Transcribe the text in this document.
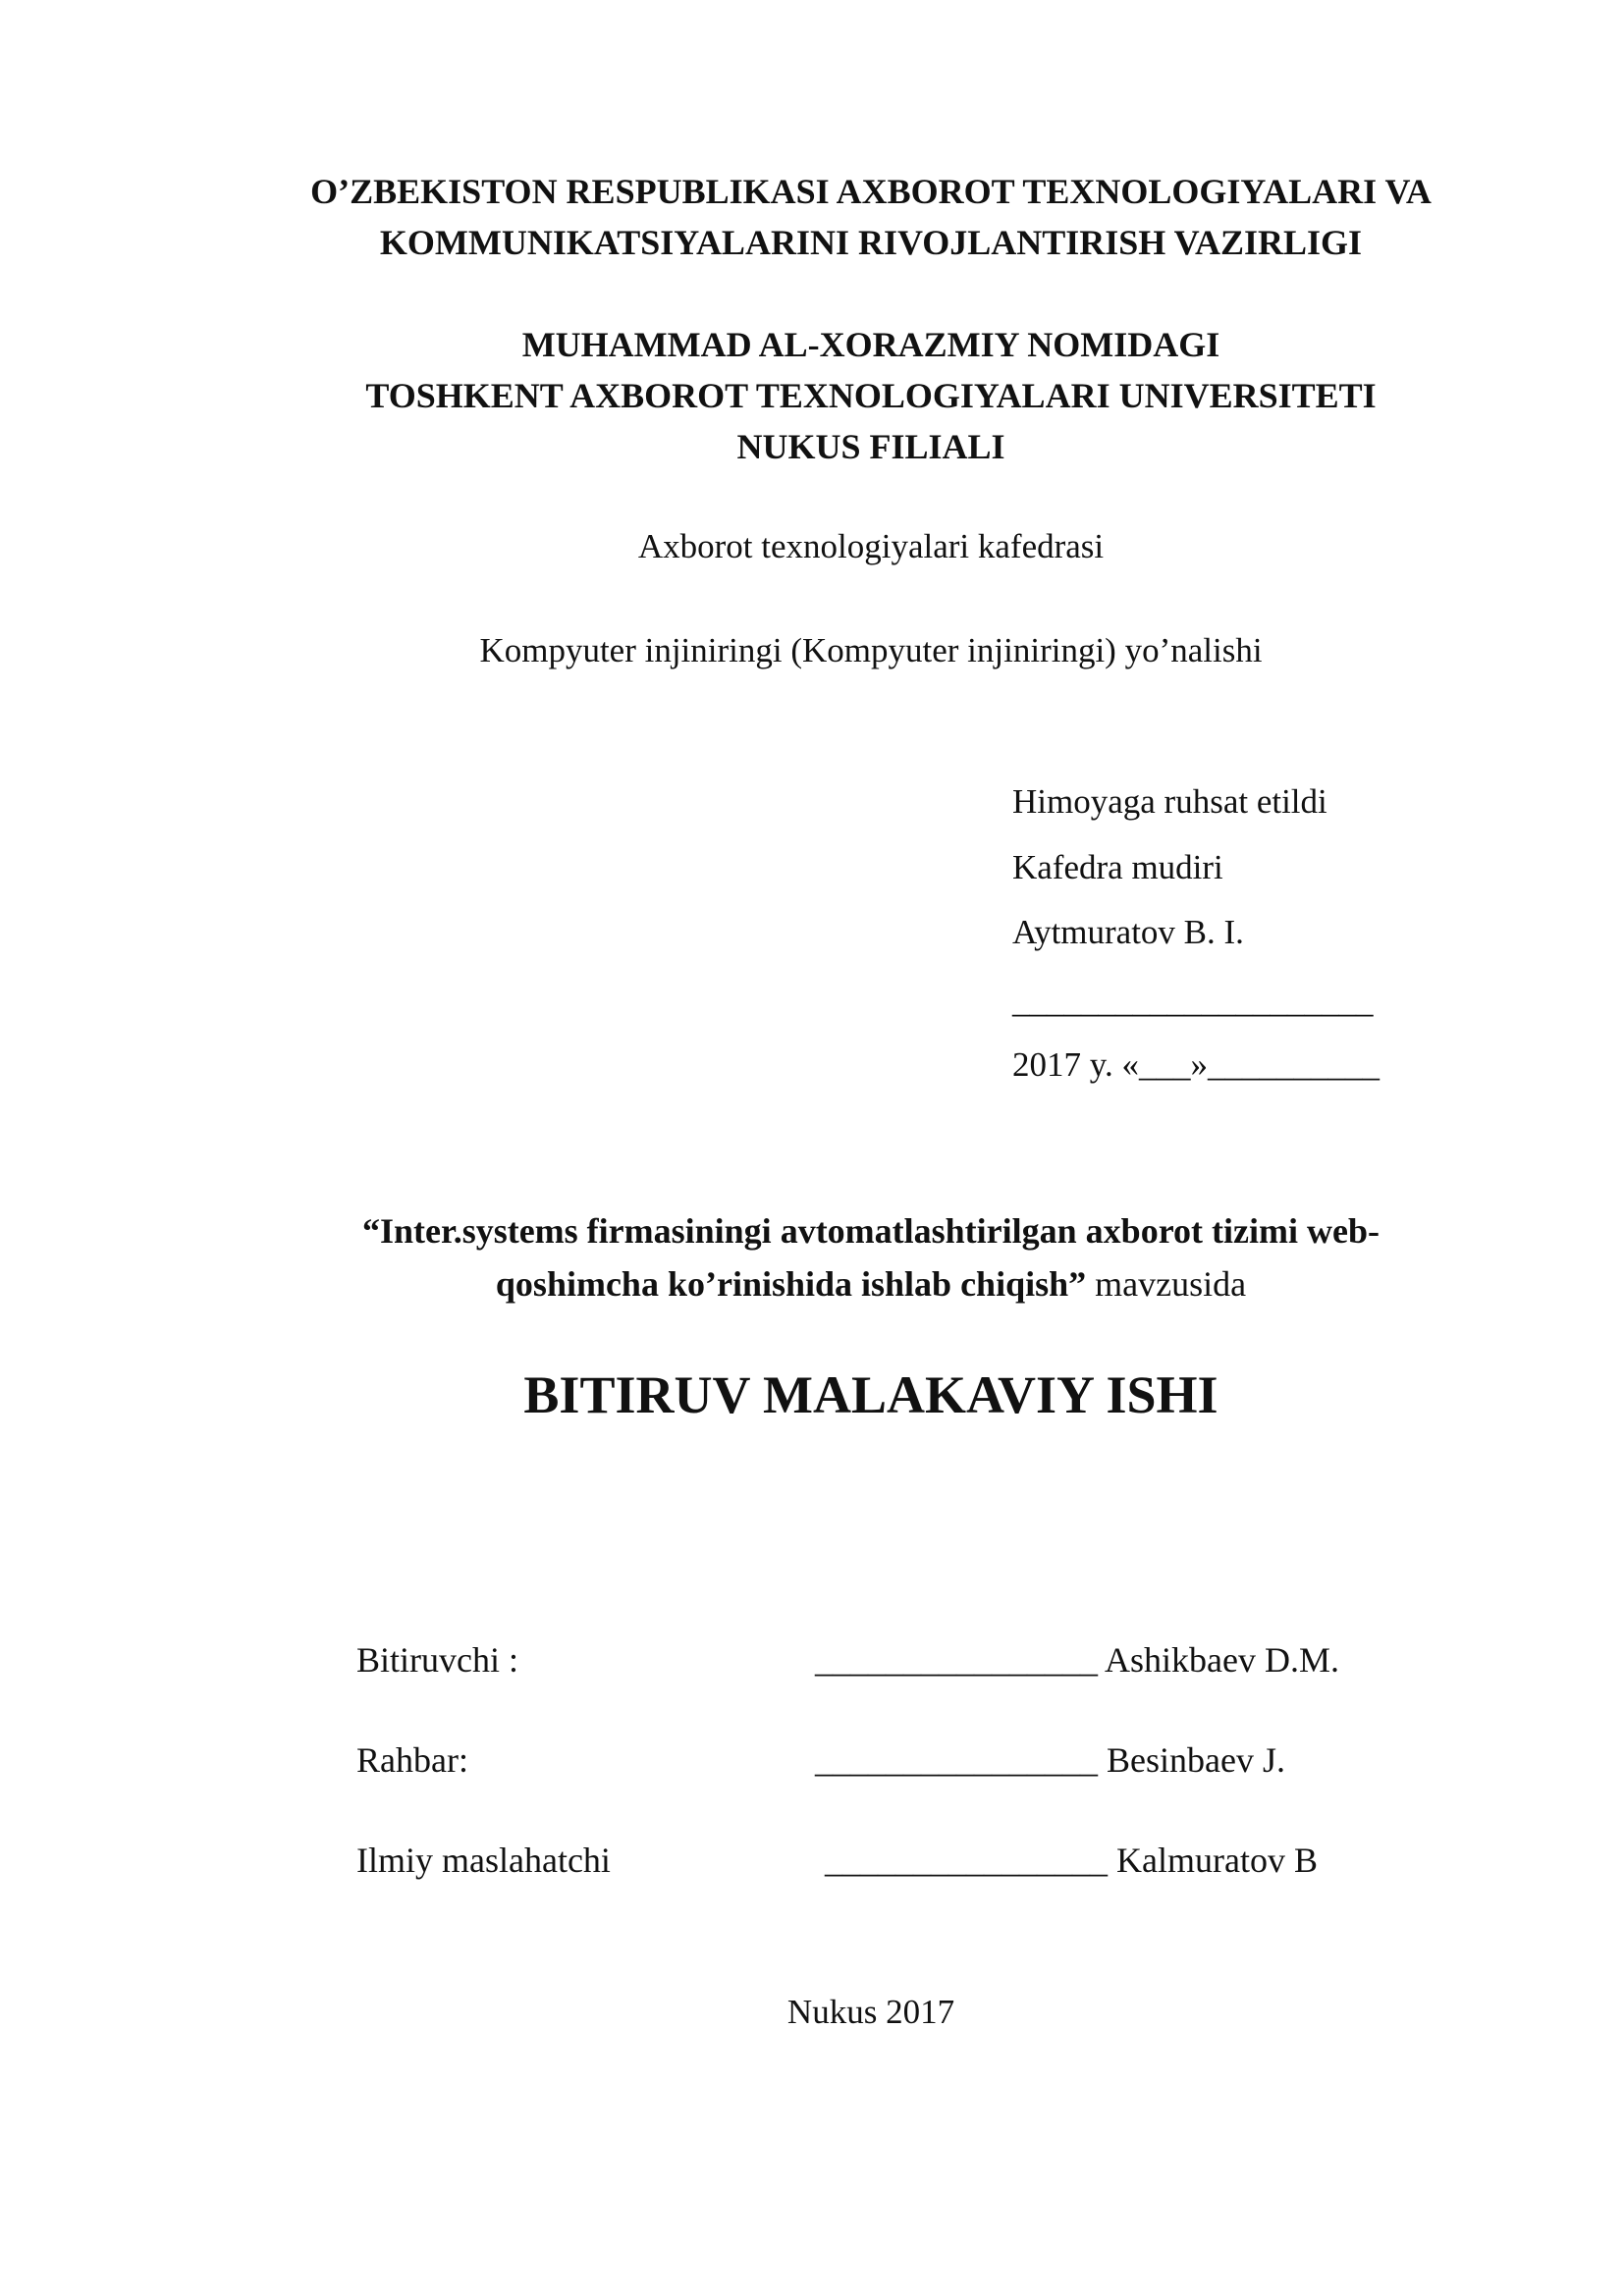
O’ZBEKISTON RESPUBLIKASI AXBOROT TEXNOLOGIYALARI VA
KOMMUNIKATSIYALARINI RIVOJLANTIRISH VAZIRLIGI
MUHAMMAD AL-XORAZMIY NOMIDAGI
TOSHKENT AXBOROT TEXNOLOGIYALARI UNIVERSITETI
NUKUS FILIALI
Axborot texnologiyalari kafedrasi
Kompyuter injiniringi (Kompyuter injiniringi) yo’nalishi
Himoyaga ruhsat etildi
Kafedra mudiri
Aytmuratov B. I.
_____________________
2017 y. «___»__________
“Inter.systems firmasiningi avtomatlashtirilgan axborot tizimi web-
qoshimcha ko’rinishida ishlab chiqish” mavzusida
BITIRUV MALAKAVIY ISHI
Bitiruvchi :	________________ Ashikbaev D.M.
Rahbar:	________________ Besinbaev J.
Ilmiy maslahatchi	________________ Kalmuratov B
Nukus 2017
